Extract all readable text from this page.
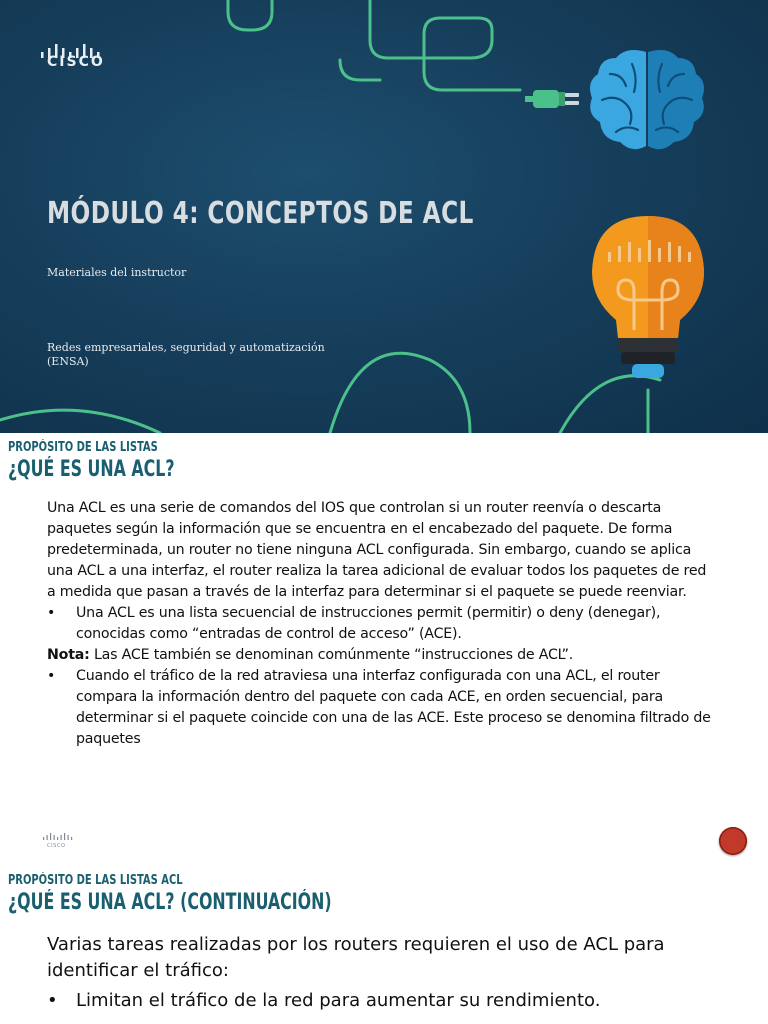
CISCO
MÓDULO 4: CONCEPTOS DE ACL
Materiales del instructor
Redes empresariales, seguridad y automatización (ENSA)
PROPÓSITO DE LAS LISTAS
¿QUÉ ES UNA ACL?

Una ACL es una serie de comandos del IOS que controlan si un router reenvía o descarta paquetes según la información que se encuentra en el encabezado del paquete. De forma predeterminada, un router no tiene ninguna ACL configurada. Sin embargo, cuando se aplica una ACL a una interfaz, el router realiza la tarea adicional de evaluar todos los paquetes de red a medida que pasan a través de la interfaz para determinar si el paquete se puede reenviar.

• Una ACL es una lista secuencial de instrucciones permit (permitir) o deny (denegar), conocidas como “entradas de control de acceso” (ACE).

Nota: Las ACE también se denominan comúnmente “instrucciones de ACL”.

• Cuando el tráfico de la red atraviesa una interfaz configurada con una ACL, el router compara la información dentro del paquete con cada ACE, en orden secuencial, para determinar si el paquete coincide con una de las ACE. Este proceso se denomina filtrado de paquetes

CISCO
PROPÓSITO DE LAS LISTAS ACL
¿QUÉ ES UNA ACL? (CONTINUACIÓN)

Varias tareas realizadas por los routers requieren el uso de ACL para identificar el tráfico:

• Limitan el tráfico de la red para aumentar su rendimiento.
